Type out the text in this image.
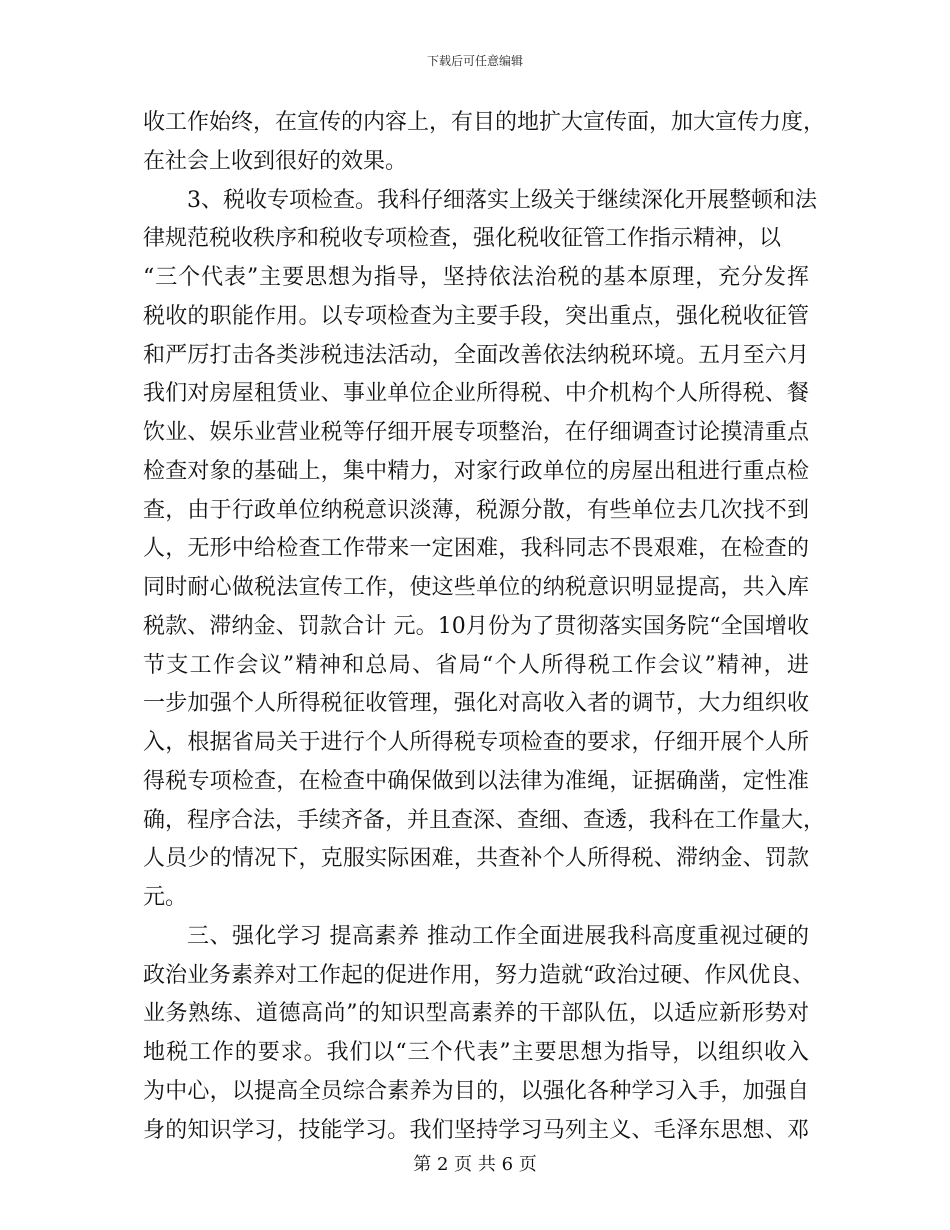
下载后可任意编辑
收工作始终，在宣传的内容上，有目的地扩大宣传面，加大宣传力度，
在社会上收到很好的效果。
3、税收专项检查。我科仔细落实上级关于继续深化开展整顿和法
律规范税收秩序和税收专项检查，强化税收征管工作指示精神，以
“三个代表”主要思想为指导，坚持依法治税的基本原理，充分发挥
税收的职能作用。以专项检查为主要手段，突出重点，强化税收征管
和严厉打击各类涉税违法活动，全面改善依法纳税环境。五月至六月
我们对房屋租赁业、事业单位企业所得税、中介机构个人所得税、餐
饮业、娱乐业营业税等仔细开展专项整治，在仔细调查讨论摸清重点
检查对象的基础上，集中精力，对家行政单位的房屋出租进行重点检
查，由于行政单位纳税意识淡薄，税源分散，有些单位去几次找不到
人，无形中给检查工作带来一定困难，我科同志不畏艰难，在检查的
同时耐心做税法宣传工作，使这些单位的纳税意识明显提高，共入库
税款、滞纳金、罚款合计 元。10月份为了贯彻落实国务院“全国增收
节支工作会议”精神和总局、省局“个人所得税工作会议”精神，进
一步加强个人所得税征收管理，强化对高收入者的调节，大力组织收
入，根据省局关于进行个人所得税专项检查的要求，仔细开展个人所
得税专项检查，在检查中确保做到以法律为准绳，证据确凿，定性准
确，程序合法，手续齐备，并且查深、查细、查透，我科在工作量大，
人员少的情况下，克服实际困难，共查补个人所得税、滞纳金、罚款
元。
三、强化学习 提高素养 推动工作全面进展我科高度重视过硬的
政治业务素养对工作起的促进作用，努力造就“政治过硬、作风优良、
业务熟练、道德高尚”的知识型高素养的干部队伍，以适应新形势对
地税工作的要求。我们以“三个代表”主要思想为指导，以组织收入
为中心，以提高全员综合素养为目的，以强化各种学习入手，加强自
身的知识学习，技能学习。我们坚持学习马列主义、毛泽东思想、邓
第 2 页 共 6 页
